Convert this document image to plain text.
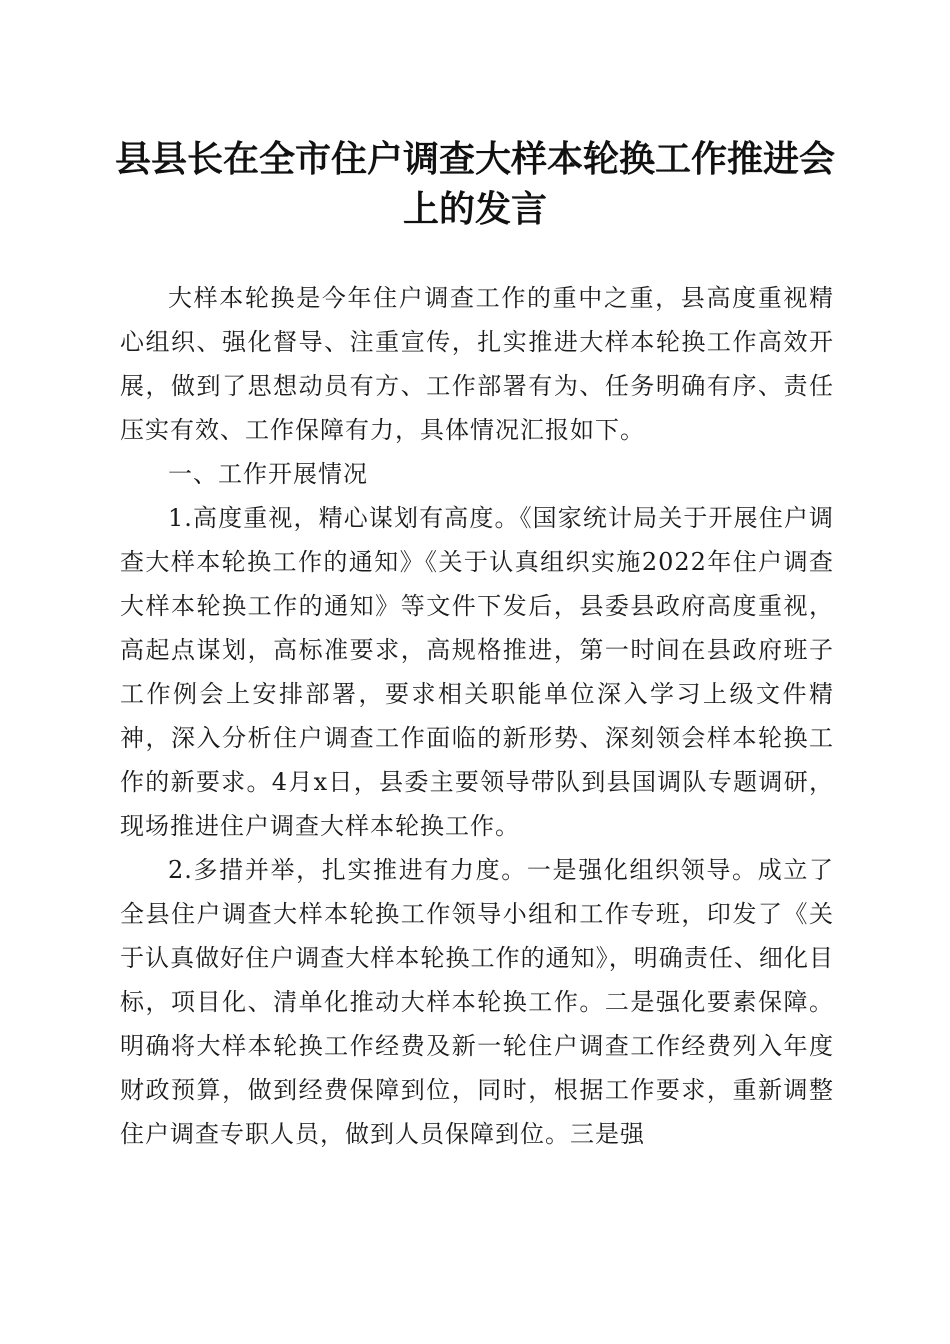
县县长在全市住户调查大样本轮换工作推进会
上的发言

大样本轮换是今年住户调查工作的重中之重，县高度重视精心组织、强化督导、注重宣传，扎实推进大样本轮换工作高效开展，做到了思想动员有方、工作部署有为、任务明确有序、责任压实有效、工作保障有力，具体情况汇报如下。

一、工作开展情况

1.高度重视，精心谋划有高度。《国家统计局关于开展住户调查大样本轮换工作的通知》《关于认真组织实施2022年住户调查大样本轮换工作的通知》等文件下发后，县委县政府高度重视，高起点谋划，高标准要求，高规格推进，第一时间在县政府班子工作例会上安排部署，要求相关职能单位深入学习上级文件精神，深入分析住户调查工作面临的新形势、深刻领会样本轮换工作的新要求。4月x日，县委主要领导带队到县国调队专题调研，现场推进住户调查大样本轮换工作。

2.多措并举，扎实推进有力度。一是强化组织领导。成立了全县住户调查大样本轮换工作领导小组和工作专班，印发了《关于认真做好住户调查大样本轮换工作的通知》，明确责任、细化目标，项目化、清单化推动大样本轮换工作。二是强化要素保障。明确将大样本轮换工作经费及新一轮住户调查工作经费列入年度财政预算，做到经费保障到位，同时，根据工作要求，重新调整住户调查专职人员，做到人员保障到位。三是强
